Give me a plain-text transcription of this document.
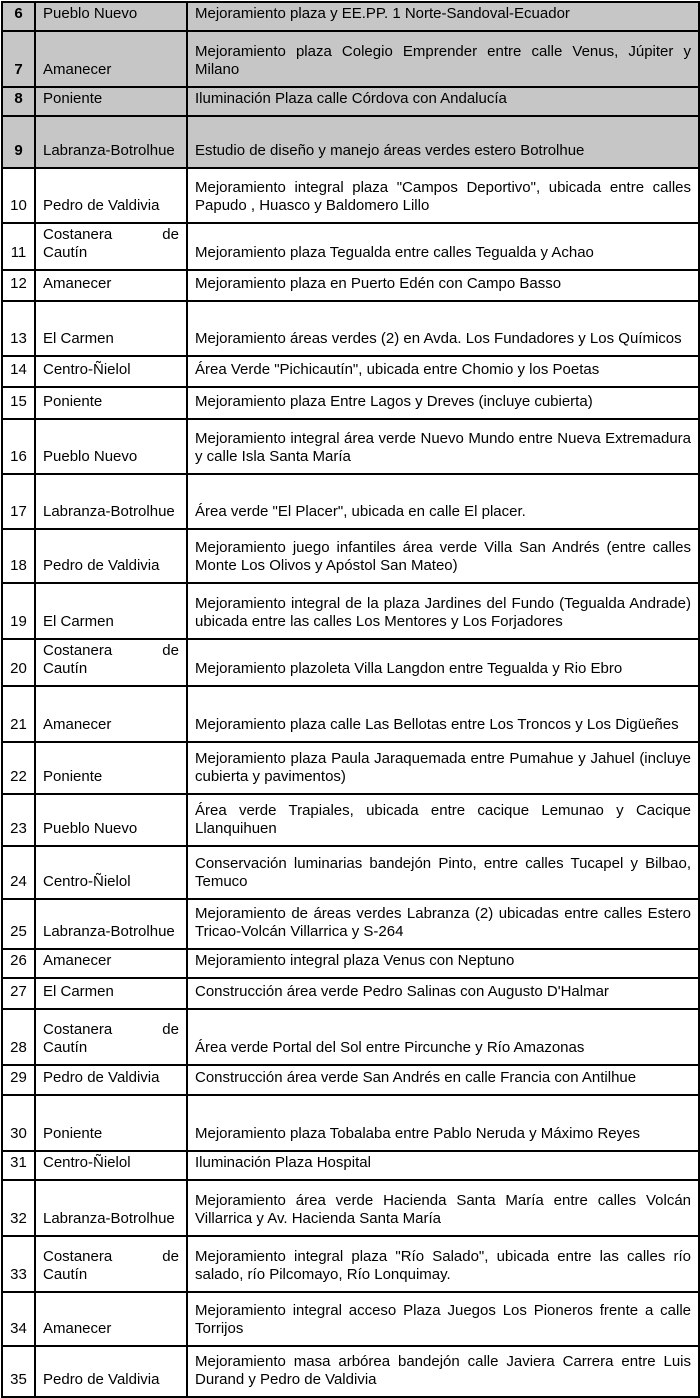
6	Pueblo Nuevo	Mejoramiento plaza y EE.PP. 1 Norte-Sandoval-Ecuador
7	Amanecer	Mejoramiento plaza Colegio Emprender entre calle Venus, Júpiter y Milano
8	Poniente	Iluminación Plaza calle Córdova con Andalucía
9	Labranza-Botrolhue	Estudio de diseño y manejo áreas verdes estero Botrolhue
10	Pedro de Valdivia	Mejoramiento integral plaza "Campos Deportivo", ubicada entre calles Papudo , Huasco y Baldomero Lillo
11	Costanera de Cautín	Mejoramiento plaza Tegualda entre calles Tegualda y Achao
12	Amanecer	Mejoramiento plaza en Puerto Edén con Campo Basso
13	El Carmen	Mejoramiento áreas verdes (2) en Avda. Los Fundadores y Los Químicos
14	Centro-Ñielol	Área Verde "Pichicautín", ubicada entre Chomio y los Poetas
15	Poniente	Mejoramiento plaza Entre Lagos y Dreves (incluye cubierta)
16	Pueblo Nuevo	Mejoramiento integral área verde Nuevo Mundo entre Nueva Extremadura y calle Isla Santa María
17	Labranza-Botrolhue	Área verde "El Placer", ubicada en calle El placer.
18	Pedro de Valdivia	Mejoramiento juego infantiles área verde Villa San Andrés (entre calles Monte Los Olivos y Apóstol San Mateo)
19	El Carmen	Mejoramiento integral de la plaza Jardines del Fundo (Tegualda Andrade) ubicada entre las calles Los Mentores y Los Forjadores
20	Costanera de Cautín	Mejoramiento plazoleta Villa Langdon entre Tegualda y Rio Ebro
21	Amanecer	Mejoramiento plaza calle Las Bellotas entre Los Troncos y Los Digüeñes
22	Poniente	Mejoramiento plaza Paula Jaraquemada entre Pumahue y Jahuel (incluye cubierta y pavimentos)
23	Pueblo Nuevo	Área verde Trapiales, ubicada entre cacique Lemunao y Cacique Llanquihuen
24	Centro-Ñielol	Conservación luminarias bandejón Pinto, entre calles Tucapel y Bilbao, Temuco
25	Labranza-Botrolhue	Mejoramiento de áreas verdes Labranza (2) ubicadas entre calles Estero Tricao-Volcán Villarrica y S-264
26	Amanecer	Mejoramiento integral plaza Venus con Neptuno
27	El Carmen	Construcción área verde Pedro Salinas con Augusto D'Halmar
28	Costanera de Cautín	Área verde Portal del Sol entre Pircunche y Río Amazonas
29	Pedro de Valdivia	Construcción área verde San Andrés en calle Francia con Antilhue
30	Poniente	Mejoramiento plaza Tobalaba entre Pablo Neruda y Máximo Reyes
31	Centro-Ñielol	Iluminación Plaza Hospital
32	Labranza-Botrolhue	Mejoramiento área verde Hacienda Santa María entre calles Volcán Villarrica y Av. Hacienda Santa María
33	Costanera de Cautín	Mejoramiento integral plaza "Río Salado", ubicada entre las calles río salado, río Pilcomayo, Río Lonquimay.
34	Amanecer	Mejoramiento integral acceso Plaza Juegos Los Pioneros frente a calle Torrijos
35	Pedro de Valdivia	Mejoramiento masa arbórea bandejón calle Javiera Carrera entre Luis Durand y Pedro de Valdivia
